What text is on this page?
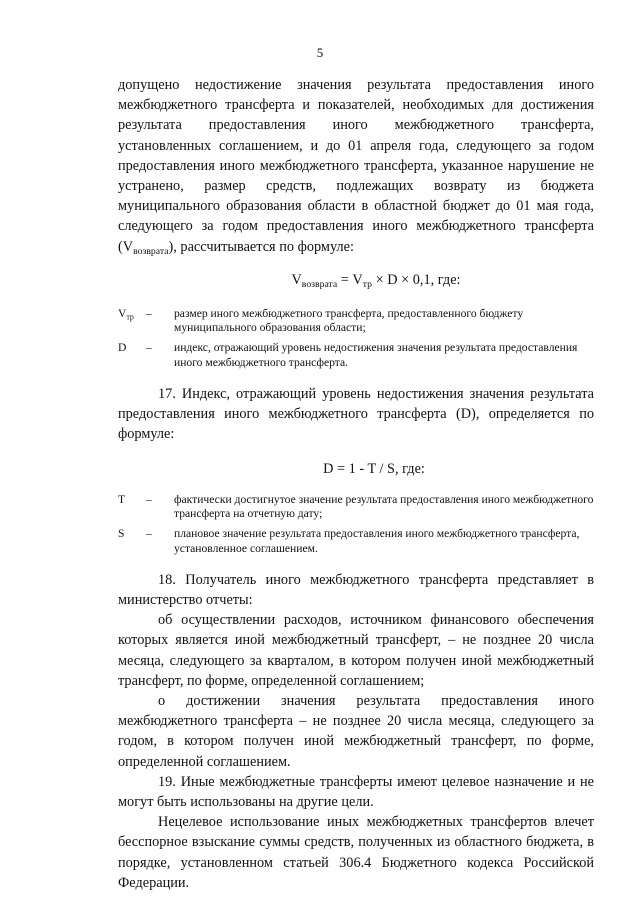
5

допущено недостижение значения результата предоставления иного межбюджетного трансферта и показателей, необходимых для достижения результата предоставления иного межбюджетного трансферта, установленных соглашением, и до 01 апреля года, следующего за годом предоставления иного межбюджетного трансферта, указанное нарушение не устранено, размер средств, подлежащих возврату из бюджета муниципального образования области в областной бюджет до 01 мая года, следующего за годом предоставления иного межбюджетного трансферта $(V_{возврата})$, рассчитывается по формуле:

$V_{возврата} = V_{тр} \times D \times 0,1$, где:
$V_{тр}$	–	размер иного межбюджетного трансферта, предоставленного бюджету муниципального образования области;
D	–	индекс, отражающий уровень недостижения значения результата предоставления иного межбюджетного трансферта.

17. Индекс, отражающий уровень недостижения значения результата предоставления иного межбюджетного трансферта (D), определяется по формуле:

D = 1 - T / S, где:
T	–	фактически достигнутое значение результата предоставления иного межбюджетного трансферта на отчетную дату;
S	–	плановое значение результата предоставления иного межбюджетного трансферта, установленное соглашением.

18. Получатель иного межбюджетного трансферта представляет в министерство отчеты:

об осуществлении расходов, источником финансового обеспечения которых является иной межбюджетный трансферт, – не позднее 20 числа месяца, следующего за кварталом, в котором получен иной межбюджетный трансферт, по форме, определенной соглашением;

о достижении значения результата предоставления иного межбюджетного трансферта – не позднее 20 числа месяца, следующего за годом, в котором получен иной межбюджетный трансферт, по форме, определенной соглашением.

19. Иные межбюджетные трансферты имеют целевое назначение и не могут быть использованы на другие цели.

Нецелевое использование иных межбюджетных трансфертов влечет бесспорное взыскание суммы средств, полученных из областного бюджета, в порядке, установленном статьей 306.4 Бюджетного кодекса Российской Федерации.
